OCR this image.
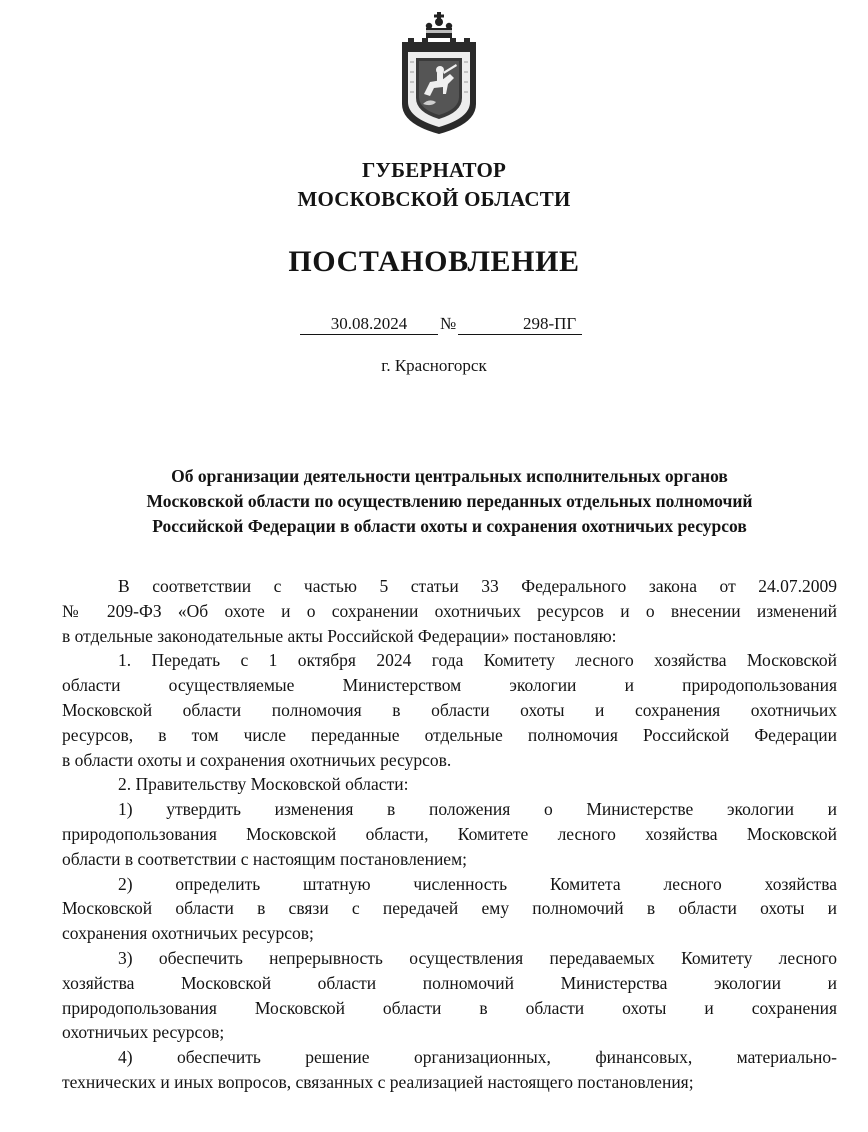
ГУБЕРНАТОР
МОСКОВСКОЙ ОБЛАСТИ
ПОСТАНОВЛЕНИЕ
30.08.2024 №	298-ПГ
г. Красногорск
Об организации деятельности центральных исполнительных органов
Московской области по осуществлению переданных отдельных полномочий
Российской Федерации в области охоты и сохранения охотничьих ресурсов

В соответствии с частью 5 статьи 33 Федерального закона от 24.07.2009

№ 209-ФЗ «Об охоте и о сохранении охотничьих ресурсов и о внесении изменений

в отдельные законодательные акты Российской Федерации» постановляю:

1. Передать с 1 октября 2024 года Комитету лесного хозяйства Московской

области осуществляемые Министерством экологии и природопользования

Московской области полномочия в области охоты и сохранения охотничьих

ресурсов, в том числе переданные отдельные полномочия Российской Федерации

в области охоты и сохранения охотничьих ресурсов.

2. Правительству Московской области:

1) утвердить изменения в положения о Министерстве экологии и

природопользования Московской области, Комитете лесного хозяйства Московской

области в соответствии с настоящим постановлением;

2) определить штатную численность Комитета лесного хозяйства

Московской области в связи с передачей ему полномочий в области охоты и

сохранения охотничьих ресурсов;

3) обеспечить непрерывность осуществления передаваемых Комитету лесного

хозяйства Московской области полномочий Министерства экологии и

природопользования Московской области в области охоты и сохранения

охотничьих ресурсов;

4) обеспечить решение организационных, финансовых, материально-

технических и иных вопросов, связанных с реализацией настоящего постановления;
